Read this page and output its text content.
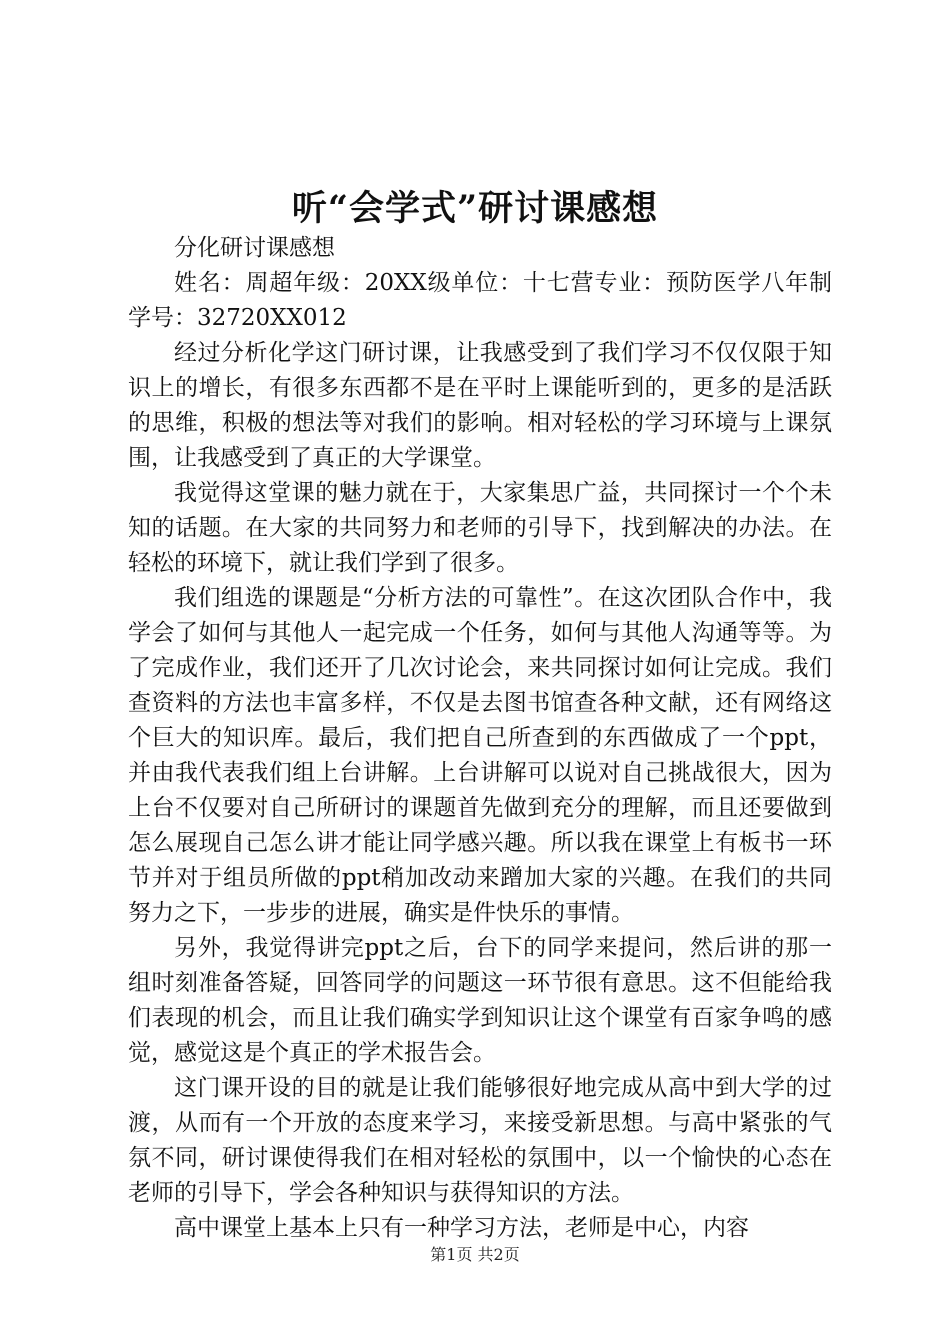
听“会学式”研讨课感想

分化研讨课感想

姓名：周超年级：20XX级单位：十七营专业：预防医学八年制学号：32720XX012

经过分析化学这门研讨课，让我感受到了我们学习不仅仅限于知识上的增长，有很多东西都不是在平时上课能听到的，更多的是活跃的思维，积极的想法等对我们的影响。相对轻松的学习环境与上课氛围，让我感受到了真正的大学课堂。

我觉得这堂课的魅力就在于，大家集思广益，共同探讨一个个未知的话题。在大家的共同努力和老师的引导下，找到解决的办法。在轻松的环境下，就让我们学到了很多。

我们组选的课题是“分析方法的可靠性”。在这次团队合作中，我学会了如何与其他人一起完成一个任务，如何与其他人沟通等等。为了完成作业，我们还开了几次讨论会，来共同探讨如何让完成。我们查资料的方法也丰富多样，不仅是去图书馆查各种文献，还有网络这个巨大的知识库。最后，我们把自己所查到的东西做成了一个ppt，并由我代表我们组上台讲解。上台讲解可以说对自己挑战很大，因为上台不仅要对自己所研讨的课题首先做到充分的理解，而且还要做到怎么展现自己怎么讲才能让同学感兴趣。所以我在课堂上有板书一环节并对于组员所做的ppt稍加改动来蹭加大家的兴趣。在我们的共同努力之下，一步步的进展，确实是件快乐的事情。

另外，我觉得讲完ppt之后，台下的同学来提问，然后讲的那一组时刻准备答疑，回答同学的问题这一环节很有意思。这不但能给我们表现的机会，而且让我们确实学到知识让这个课堂有百家争鸣的感觉，感觉这是个真正的学术报告会。

这门课开设的目的就是让我们能够很好地完成从高中到大学的过渡，从而有一个开放的态度来学习，来接受新思想。与高中紧张的气氛不同，研讨课使得我们在相对轻松的氛围中，以一个愉快的心态在老师的引导下，学会各种知识与获得知识的方法。

高中课堂上基本上只有一种学习方法，老师是中心，内容

第1页 共2页
